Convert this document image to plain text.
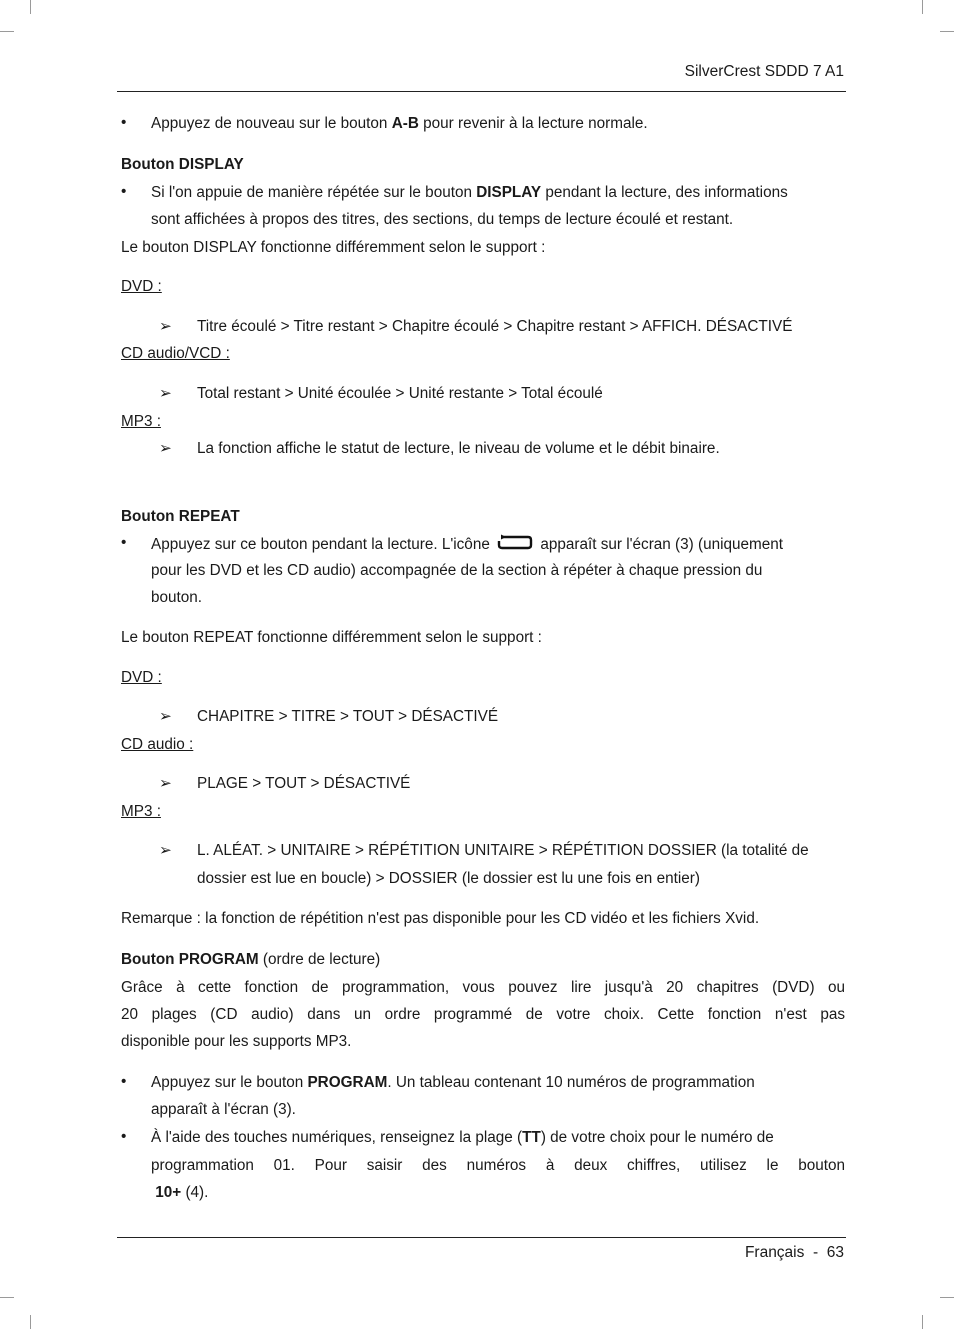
SilverCrest SDDD 7 A1
•	Appuyez de nouveau sur le bouton A-B pour revenir à la lecture normale.
Bouton DISPLAY
•	Si l'on appuie de manière répétée sur le bouton DISPLAY pendant la lecture, des informations
sont affichées à propos des titres, des sections, du temps de lecture écoulé et restant.
Le bouton DISPLAY fonctionne différemment selon le support :
DVD :
➢ Titre écoulé > Titre restant > Chapitre écoulé > Chapitre restant > AFFICH. DÉSACTIVÉ
CD audio/VCD :
➢ Total restant > Unité écoulée > Unité restante > Total écoulé
MP3 :
➢ La fonction affiche le statut de lecture, le niveau de volume et le débit binaire.
Bouton REPEAT
•	Appuyez sur ce bouton pendant la lecture. L'icône	apparaît sur l'écran (3) (uniquement
pour les DVD et les CD audio) accompagnée de la section à répéter à chaque pression du
bouton.
Le bouton REPEAT fonctionne différemment selon le support :
DVD :
➢ CHAPITRE > TITRE > TOUT > DÉSACTIVÉ
CD audio :
➢ PLAGE > TOUT > DÉSACTIVÉ
MP3 :
➢ L. ALÉAT. > UNITAIRE > RÉPÉTITION UNITAIRE > RÉPÉTITION DOSSIER (la totalité de
dossier est lue en boucle) > DOSSIER (le dossier est lu une fois en entier)
Remarque : la fonction de répétition n'est pas disponible pour les CD vidéo et les fichiers Xvid.
Bouton PROGRAM (ordre de lecture)
Grâce à cette fonction de programmation, vous pouvez lire jusqu'à 20 chapitres (DVD) ou
20 plages (CD audio) dans un ordre programmé de votre choix. Cette fonction n'est pas
disponible pour les supports MP3.
•	Appuyez sur le bouton PROGRAM. Un tableau contenant 10 numéros de programmation
apparaît à l'écran (3).
•	À l'aide des touches numériques, renseignez la plage (TT) de votre choix pour le numéro de
programmation 01. Pour saisir des numéros à deux chiffres, utilisez le bouton
10+ (4).
Français  -  63
